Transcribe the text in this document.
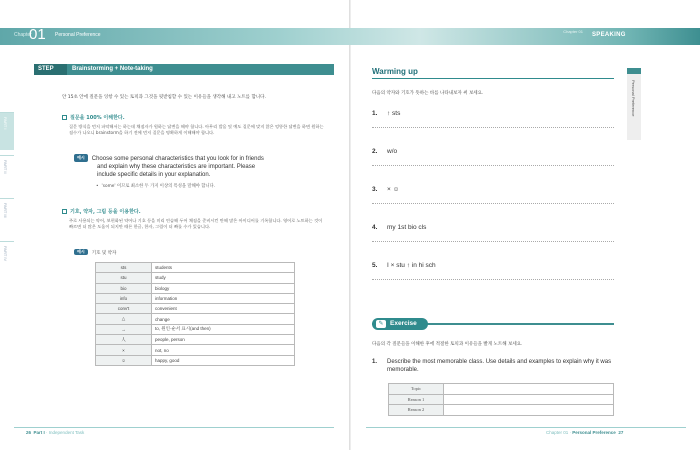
Chapter
01 Personal Preference
Chapter 01
SPEAKING
PART I
PART II
PART III
PART IV
STEP	Brainstorming + Note-taking
안 15초 안에 질문을 잉항 수 있는 토픽과 그것을 뒷받침할 수 있는 이유들을 생각해 내고 노트를 합니다.
질문을 100% 이해한다.
질문 방식을 먼저 파악해서는 하는데 채점자가 원하는 답변을 해야 합니다. 아무리 발음 및 예도 질문에 맞지 않은 엉뚱한 답변을 하면 원하는 점수가 나오니 brainstorm을 하기 전에 먼저 질문을 명확하게 이해해야 합니다.
예시 Choose some personal characteristics that you look for in friends
and explain why these characteristics are important. Please
include specific details in your explanation.
• 'some' 이므로 최소한 두 가지 이상의 특성을 말해야 합니다.
기호, 약자, 그림 등을 이용한다.
주로 사용되는 약어, 보편화된 약어나 기호 등을 미리 연습해 두어 채점을 준비시킨 만해 많은 아이디어를 기록합니다. 영어로 노트하는 것이 빠르면 더 많은 도움이 되지만 때론 한글, 한자, 그림이 더 빠를 수가 있습니다.
예시 기호 및 약자
sts	students
stu	study
bio	biology
info	information
conv't	convenient
△	change
→	to, 원인·순서 표시(and then)
人	people, person
×	not, no
☺	happy, good
26 Part I · Independent Task	Chapter 01 · Personal Preference 27
Warming up
다음의 약자와 기호가 뜻하는 바를 나타내보자 써 보세요.
1. ↑ sts
2. w/o
3. × ☺
4. my 1st bio cls
5. I × stu ↑ in hi sch
Personal Preference
✎ Exercise
다음의 각 질문들을 이해한 후에 적절한 토픽과 이유들을 빨게 노트해 보세요.
1.	Describe the most memorable class. Use details and examples to explain why it was memorable.
Topic	
Reason 1	
Reason 2	
